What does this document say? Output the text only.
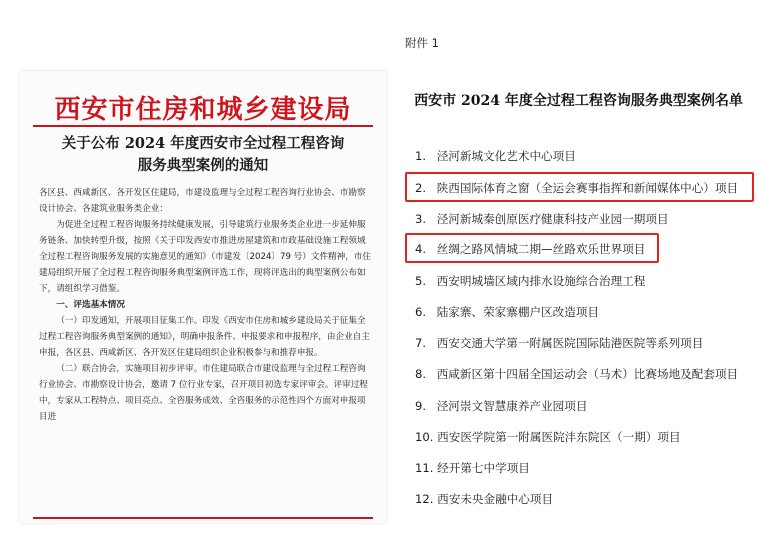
西安市住房和城乡建设局
关于公布 2024 年度西安市全过程工程咨询
服务典型案例的通知

各区县、西咸新区、各开发区住建局，市建设监理与全过程工程咨询行业协会、市勘察设计协会、各建筑业服务类企业：

为促进全过程工程咨询服务持续健康发展，引导建筑行业服务类企业进一步延伸服务链条、加快转型升级，按照《关于印发西安市推进房屋建筑和市政基础设施工程领域全过程工程咨询服务发展的实施意见的通知》（市建发〔2024〕79 号）文件精神，市住建局组织开展了全过程工程咨询服务典型案例评选工作，现将评选出的典型案例公布如下，请组织学习借鉴。

一、评选基本情况

（一）印发通知，开展项目征集工作。印发《西安市住房和城乡建设局关于征集全过程工程咨询服务典型案例的通知》，明确申报条件、申报要求和申报程序，由企业自主申报，各区县、西咸新区、各开发区住建局组织企业积极参与和推荐申报。

（二）联合协会，实施项目初步评审。市住建局联合市建设监理与全过程工程咨询行业协会、市勘察设计协会，邀请 7 位行业专家，召开项目初选专家评审会。评审过程中，专家从工程特点、项目亮点、全咨服务成效、全咨服务的示范性四个方面对申报项目进

附件 1
西安市 2024 年度全过程工程咨询服务典型案例名单
1. 泾河新城文化艺术中心项目
2. 陕西国际体育之窗（全运会赛事指挥和新闻媒体中心）项目
3. 泾河新城秦创原医疗健康科技产业园一期项目
4. 丝绸之路风情城二期—丝路欢乐世界项目
5. 西安明城墙区域内排水设施综合治理工程
6. 陆家寨、荣家寨棚户区改造项目
7. 西安交通大学第一附属医院国际陆港医院等系列项目
8. 西咸新区第十四届全国运动会（马术）比赛场地及配套项目
9. 泾河崇文智慧康养产业园项目
10. 西安医学院第一附属医院沣东院区（一期）项目
11. 经开第七中学项目
12. 西安未央金融中心项目
